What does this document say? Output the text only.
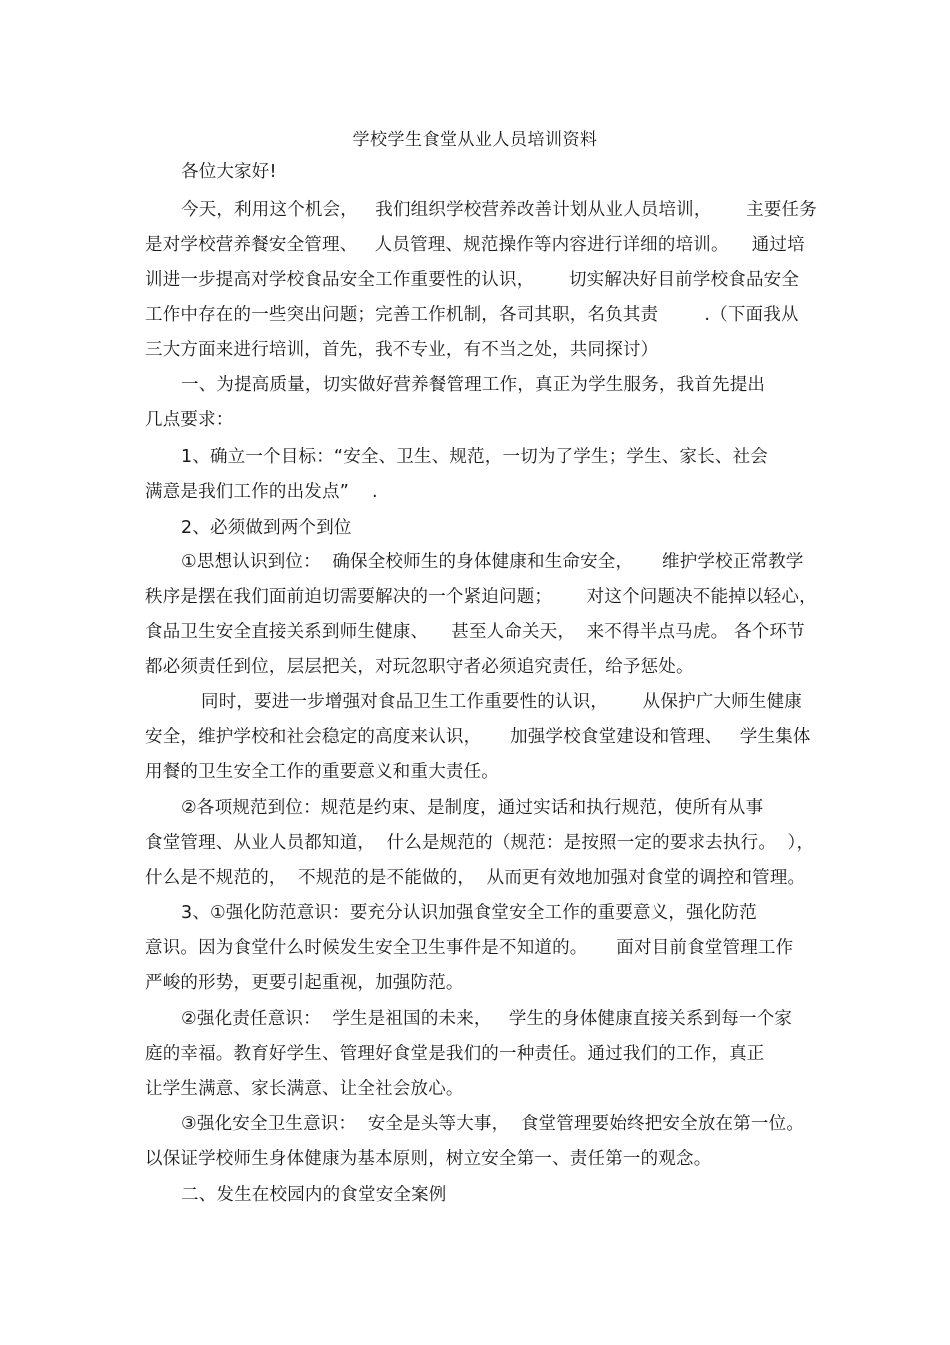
学校学生食堂从业人员培训资料
各位大家好!
今天，利用这个机会，   我们组织学校营养改善计划从业人员培训，      主要任务
是对学校营养餐安全管理、   人员管理、规范操作等内容进行详细的培训。    通过培
训进一步提高对学校食品安全工作重要性的认识，      切实解决好目前学校食品安全
工作中存在的一些突出问题；完善工作机制，各司其职，名负其责        .（下面我从
三大方面来进行培训，首先，我不专业，有不当之处，共同探讨）
一、为提高质量，切实做好营养餐管理工作，真正为学生服务，我首先提出
几点要求：
1、确立一个目标：“安全、卫生、规范，一切为了学生；学生、家长、社会
满意是我们工作的出发点”    .
2、必须做到两个到位
①思想认识到位：  确保全校师生的身体健康和生命安全，     维护学校正常教学
秩序是摆在我们面前迫切需要解决的一个紧迫问题；      对这个问题决不能掉以轻心，
食品卫生安全直接关系到师生健康、    甚至人命关天，  来不得半点马虎。 各个环节
都必须责任到位，层层把关，对玩忽职守者必须追究责任，给予惩处。
同时，要进一步增强对食品卫生工作重要性的认识，      从保护广大师生健康
安全，维护学校和社会稳定的高度来认识，     加强学校食堂建设和管理、   学生集体
用餐的卫生安全工作的重要意义和重大责任。
②各项规范到位：规范是约束、是制度，通过实话和执行规范，使所有从事
食堂管理、从业人员都知道，  什么是规范的（规范：是按照一定的要求去执行。  ），
什么是不规范的，  不规范的是不能做的，  从而更有效地加强对食堂的调控和管理。
3、①强化防范意识：要充分认识加强食堂安全工作的重要意义，强化防范
意识。因为食堂什么时候发生安全卫生事件是不知道的。     面对目前食堂管理工作
严峻的形势，更要引起重视，加强防范。
②强化责任意识：  学生是祖国的未来，   学生的身体健康直接关系到每一个家
庭的幸福。教育好学生、管理好食堂是我们的一种责任。通过我们的工作，真正
让学生满意、家长满意、让全社会放心。
③强化安全卫生意识：  安全是头等大事，  食堂管理要始终把安全放在第一位。
以保证学校师生身体健康为基本原则，树立安全第一、责任第一的观念。
二、发生在校园内的食堂安全案例
